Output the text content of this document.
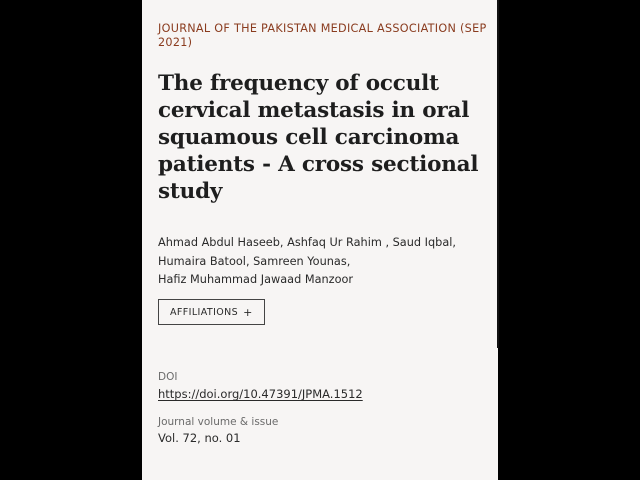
JOURNAL OF THE PAKISTAN MEDICAL ASSOCIATION (SEP 2021)
The frequency of occult cervical metastasis in oral squamous cell carcinoma patients - A cross sectional study
Ahmad Abdul Haseeb, Ashfaq Ur Rahim , Saud Iqbal,
Humaira Batool, Samreen Younas,
Hafiz Muhammad Jawaad Manzoor
AFFILIATIONS +
DOI
https://doi.org/10.47391/JPMA.1512
Journal volume & issue
Vol. 72, no. 01
